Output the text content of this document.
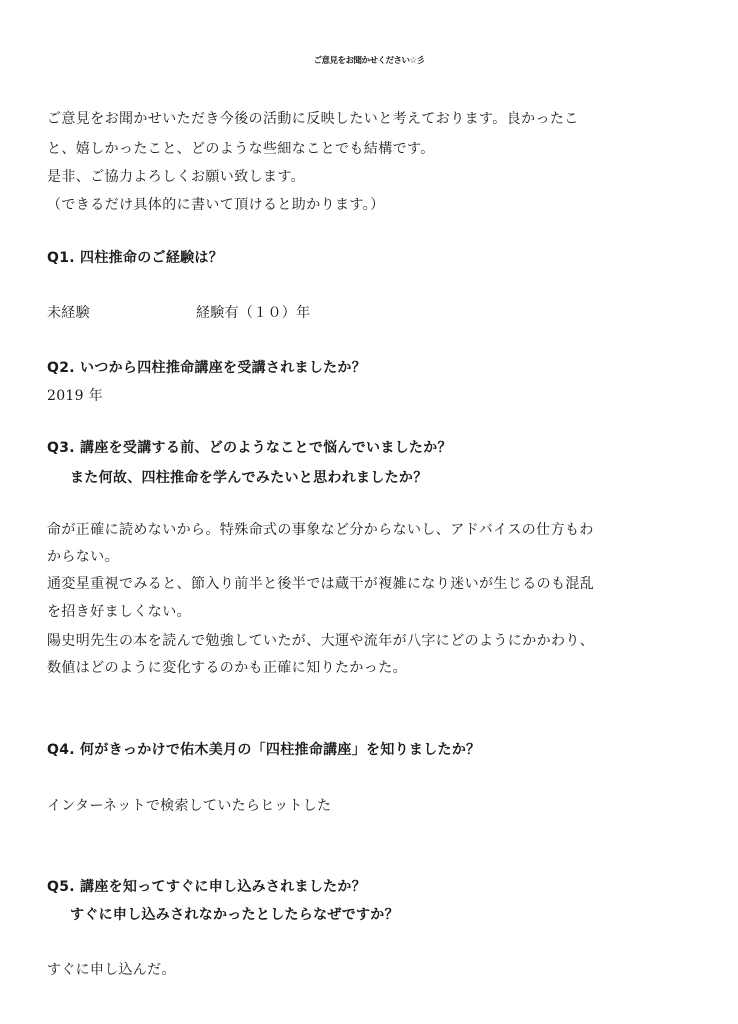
ご意見をお聞かせください☆彡
ご意見をお聞かせいただき今後の活動に反映したいと考えております。良かったこ
と、嬉しかったこと、どのような些細なことでも結構です。
是非、ご協力よろしくお願い致します。
（できるだけ具体的に書いて頂けると助かります。）
Q1. 四柱推命のご経験は？
未経験	経験有（１０）年
Q2. いつから四柱推命講座を受講されましたか？
2019 年
Q3. 講座を受講する前、どのようなことで悩んでいましたか？
また何故、四柱推命を学んでみたいと思われましたか？
命が正確に読めないから。特殊命式の事象など分からないし、アドバイスの仕方もわ
からない。
通変星重視でみると、節入り前半と後半では蔵干が複雑になり迷いが生じるのも混乱
を招き好ましくない。
陽史明先生の本を読んで勉強していたが、大運や流年が八字にどのようにかかわり、
数値はどのように変化するのかも正確に知りたかった。
Q4. 何がきっかけで佑木美月の「四柱推命講座」を知りましたか？
インターネットで検索していたらヒットした
Q5. 講座を知ってすぐに申し込みされましたか？
すぐに申し込みされなかったとしたらなぜですか？
すぐに申し込んだ。
